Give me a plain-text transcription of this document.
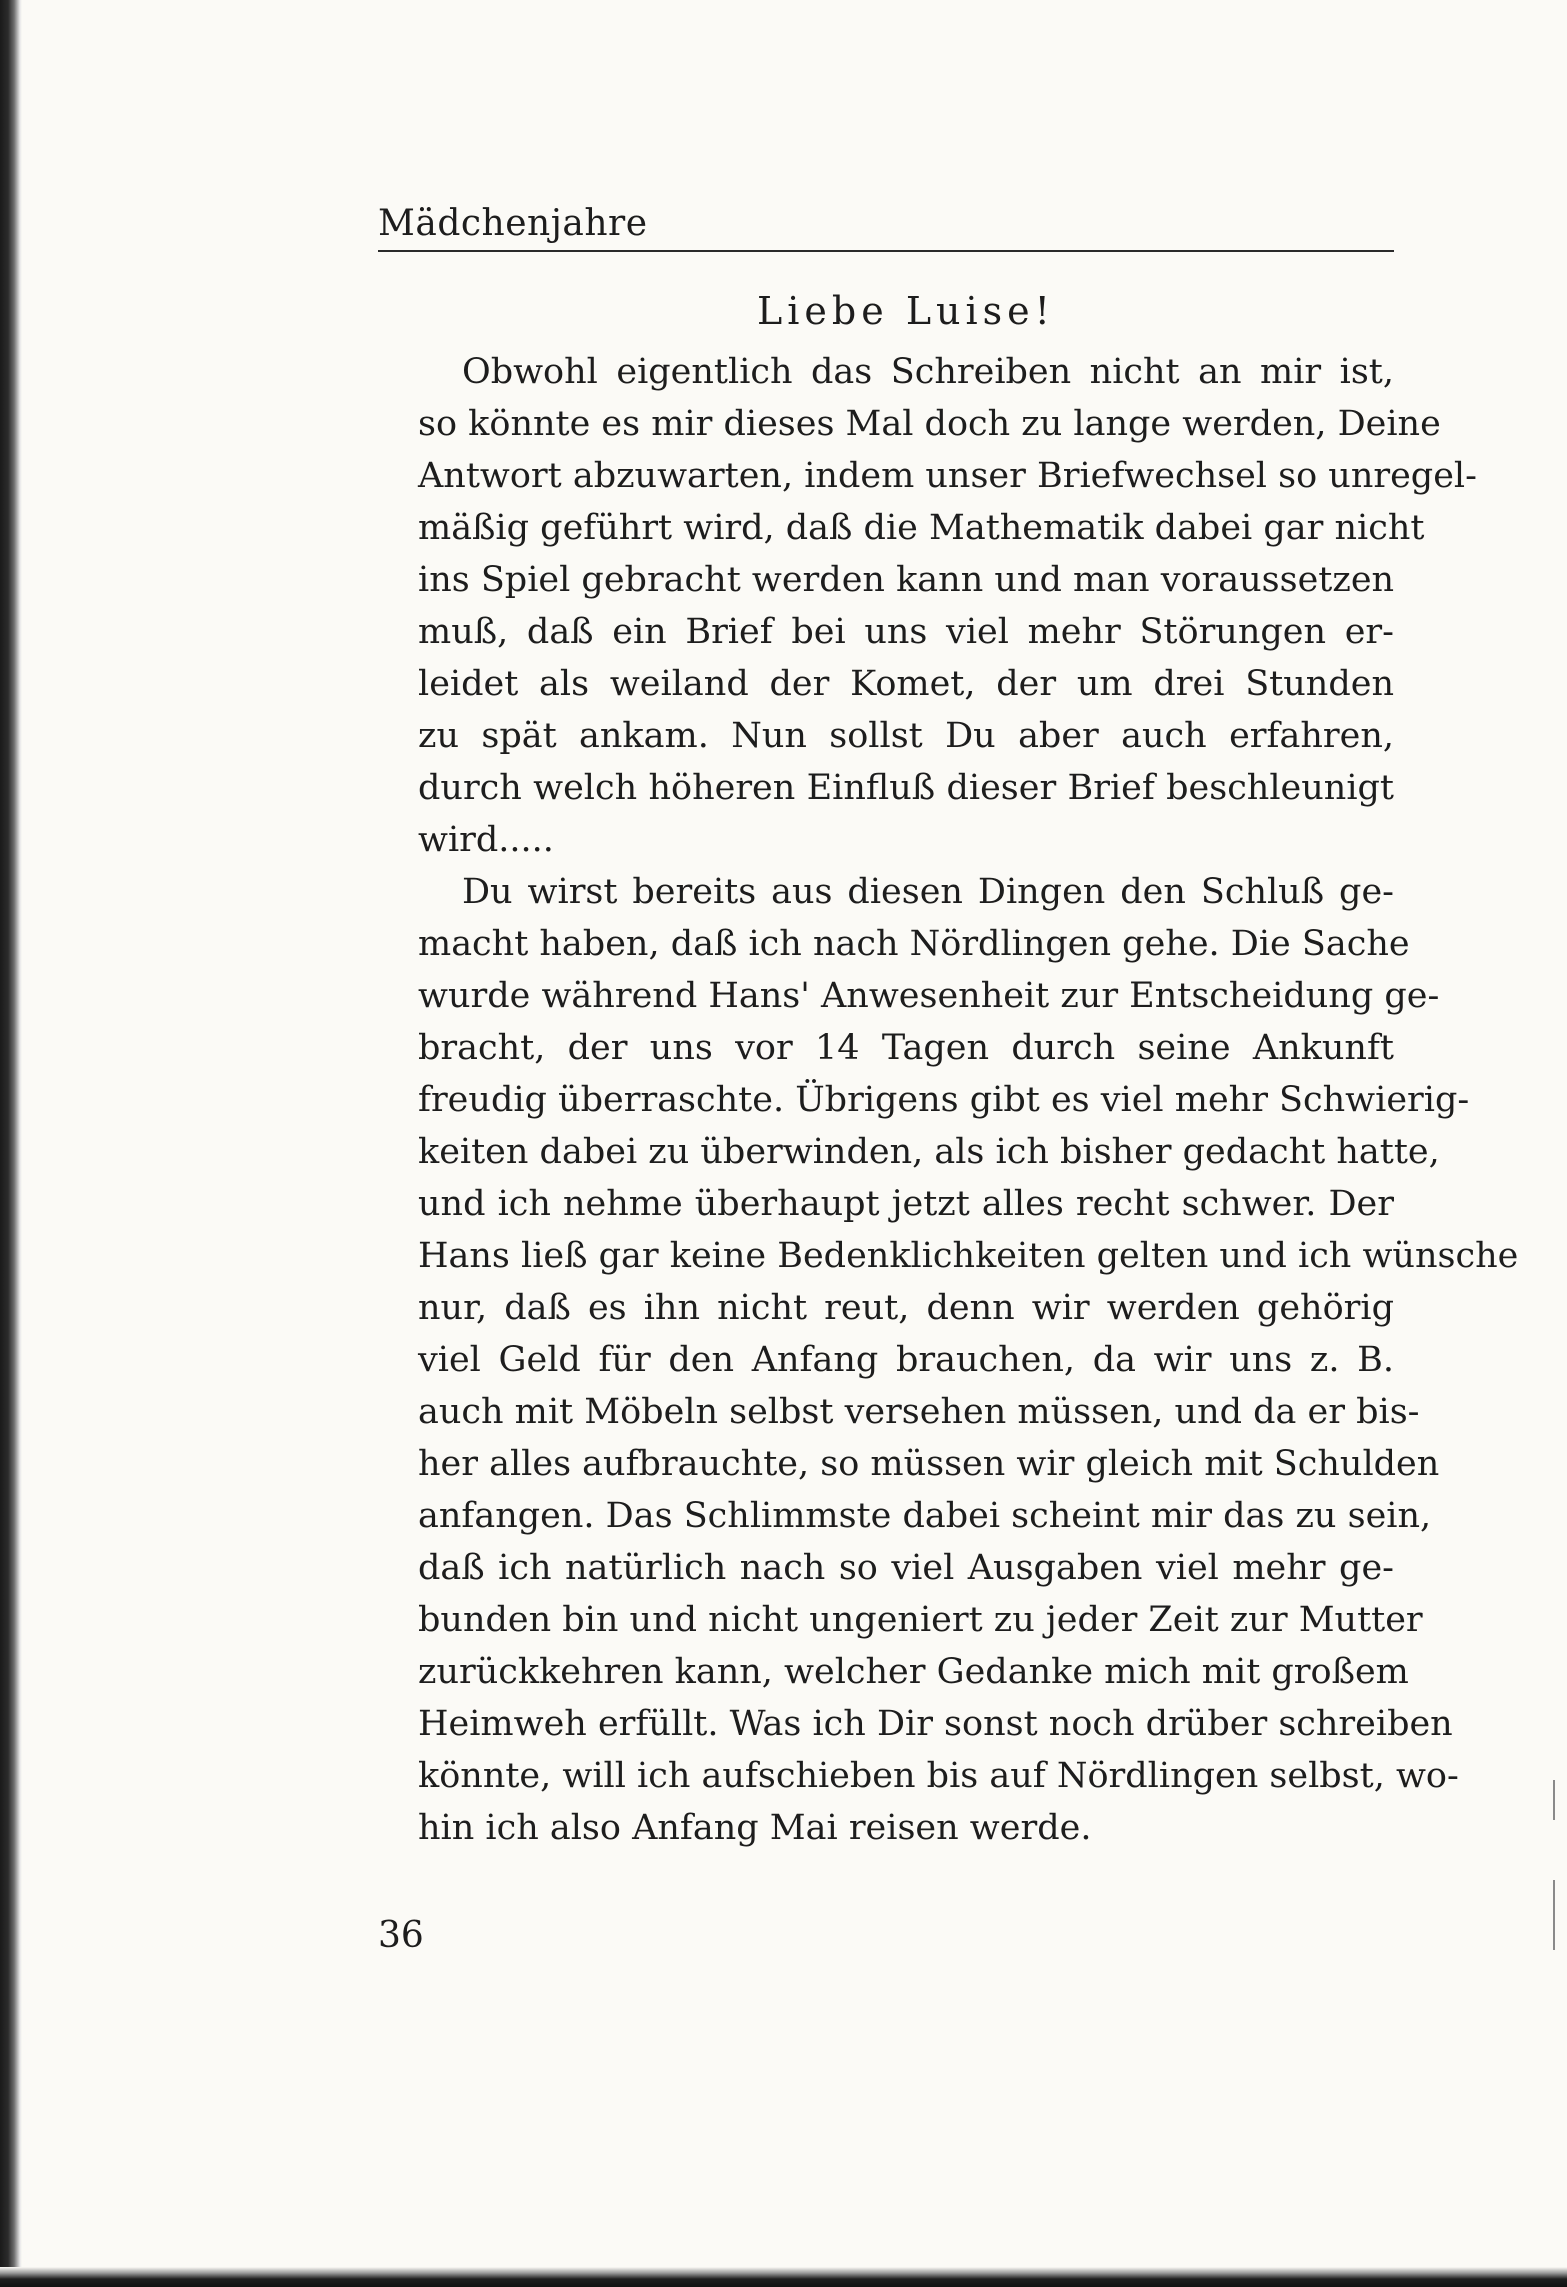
Mädchenjahre
Liebe Luise!
Obwohl eigentlich das Schreiben nicht an mir ist,
so könnte es mir dieses Mal doch zu lange werden, Deine
Antwort abzuwarten, indem unser Briefwechsel so unregel-
mäßig geführt wird, daß die Mathematik dabei gar nicht
ins Spiel gebracht werden kann und man voraussetzen
muß, daß ein Brief bei uns viel mehr Störungen er-
leidet als weiland der Komet, der um drei Stunden
zu spät ankam. Nun sollst Du aber auch erfahren,
durch welch höheren Einfluß dieser Brief beschleunigt
wird.....
Du wirst bereits aus diesen Dingen den Schluß ge-
macht haben, daß ich nach Nördlingen gehe. Die Sache
wurde während Hans' Anwesenheit zur Entscheidung ge-
bracht, der uns vor 14 Tagen durch seine Ankunft
freudig überraschte. Übrigens gibt es viel mehr Schwierig-
keiten dabei zu überwinden, als ich bisher gedacht hatte,
und ich nehme überhaupt jetzt alles recht schwer. Der
Hans ließ gar keine Bedenklichkeiten gelten und ich wünsche
nur, daß es ihn nicht reut, denn wir werden gehörig
viel Geld für den Anfang brauchen, da wir uns z. B.
auch mit Möbeln selbst versehen müssen, und da er bis-
her alles aufbrauchte, so müssen wir gleich mit Schulden
anfangen. Das Schlimmste dabei scheint mir das zu sein,
daß ich natürlich nach so viel Ausgaben viel mehr ge-
bunden bin und nicht ungeniert zu jeder Zeit zur Mutter
zurückkehren kann, welcher Gedanke mich mit großem
Heimweh erfüllt. Was ich Dir sonst noch drüber schreiben
könnte, will ich aufschieben bis auf Nördlingen selbst, wo-
hin ich also Anfang Mai reisen werde.
36
